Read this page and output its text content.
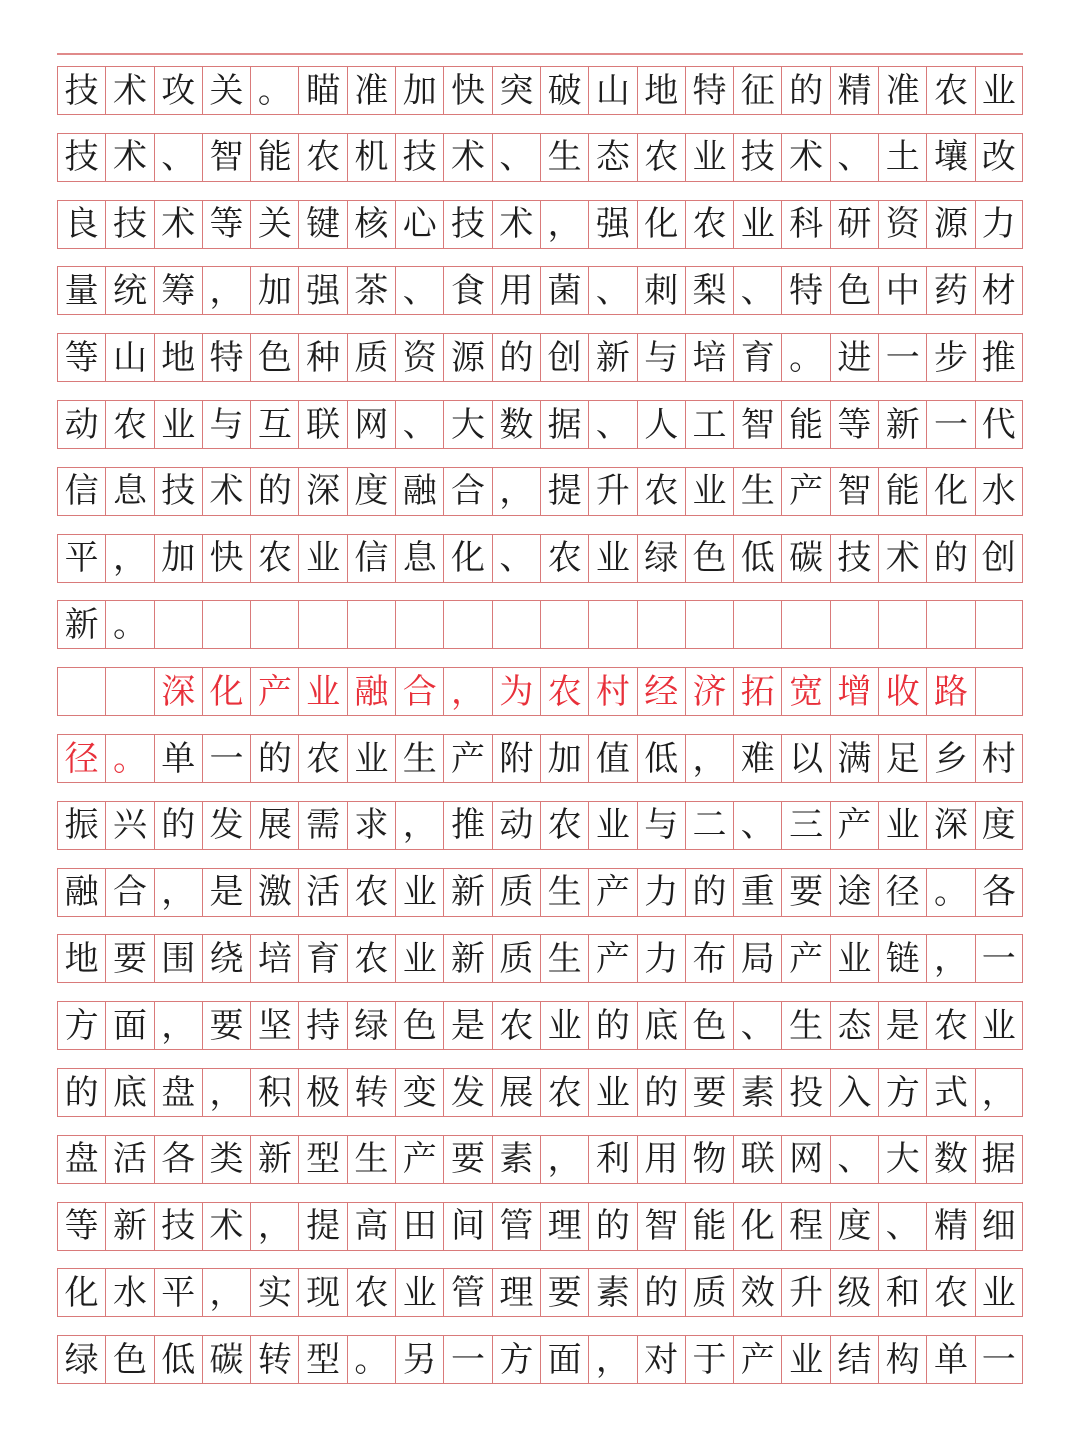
技 术 攻 关 。 瞄 准 加 快 突 破 山 地 特 征 的 精 准 农 业
技 术 、 智 能 农 机 技 术 、 生 态 农 业 技 术 、 土 壤 改
良 技 术 等 关 键 核 心 技 术 ， 强 化 农 业 科 研 资 源 力
量 统 筹 ， 加 强 茶 、 食 用 菌 、 刺 梨 、 特 色 中 药 材
等 山 地 特 色 种 质 资 源 的 创 新 与 培 育 。 进 一 步 推
动 农 业 与 互 联 网 、 大 数 据 、 人 工 智 能 等 新 一 代
信 息 技 术 的 深 度 融 合 ， 提 升 农 业 生 产 智 能 化 水
平 ， 加 快 农 业 信 息 化 、 农 业 绿 色 低 碳 技 术 的 创
新 。
深 化 产 业 融 合 ， 为 农 村 经 济 拓 宽 增 收 路
径 。 单 一 的 农 业 生 产 附 加 值 低 ， 难 以 满 足 乡 村
振 兴 的 发 展 需 求 ， 推 动 农 业 与 二 、 三 产 业 深 度
融 合 ， 是 激 活 农 业 新 质 生 产 力 的 重 要 途 径 。 各
地 要 围 绕 培 育 农 业 新 质 生 产 力 布 局 产 业 链 ， 一
方 面 ， 要 坚 持 绿 色 是 农 业 的 底 色 、 生 态 是 农 业
的 底 盘 ， 积 极 转 变 发 展 农 业 的 要 素 投 入 方 式 ，
盘 活 各 类 新 型 生 产 要 素 ， 利 用 物 联 网 、 大 数 据
等 新 技 术 ， 提 高 田 间 管 理 的 智 能 化 程 度 、 精 细
化 水 平 ， 实 现 农 业 管 理 要 素 的 质 效 升 级 和 农 业
绿 色 低 碳 转 型 。 另 一 方 面 ， 对 于 产 业 结 构 单 一
